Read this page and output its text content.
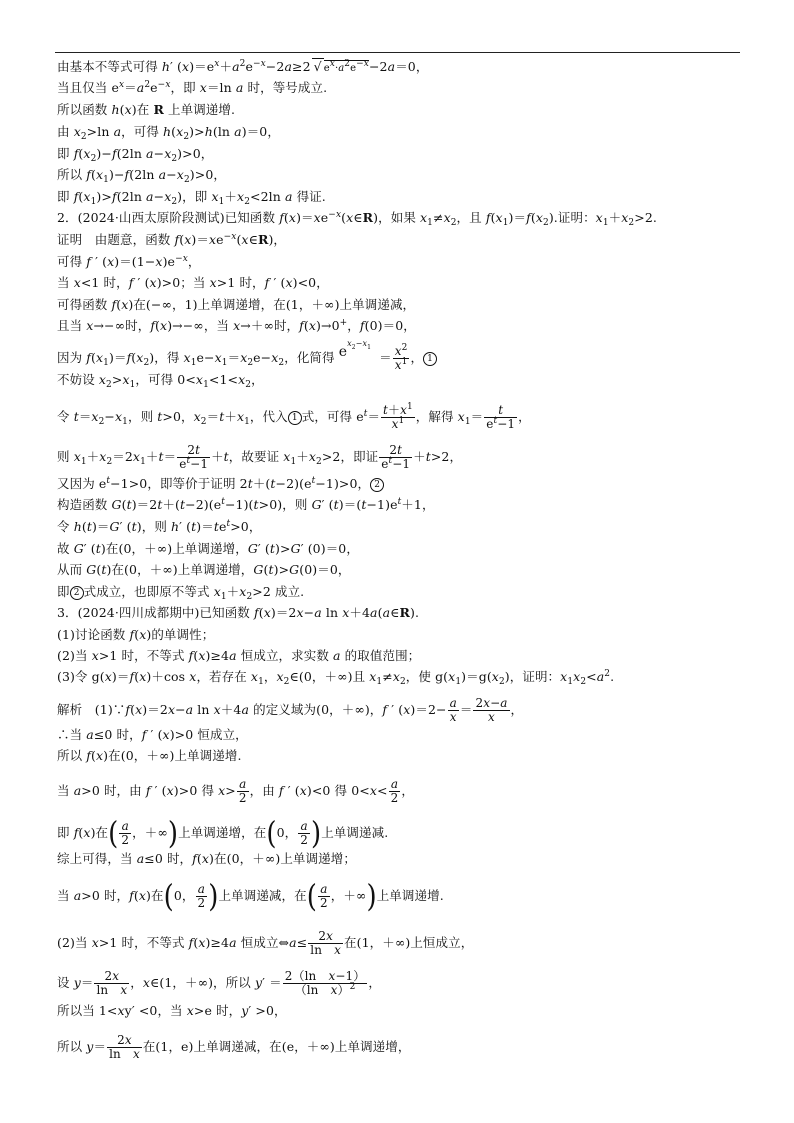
由基本不等式可得 h′ $(x)=e^x+a^2e^{-x}-2a\ge 2$ √ $e^x\cdot a^2e^{-x}-2a=0$，
当且仅当 $e^x=a^2e^{-x}$，即 x＝ln a 时，等号成立.
所以函数 h(x)在 R 上单调递增.
由 $x_2>\ln$ a，可得 $h(x_2)>h(\ln$ a)＝0，
即 $f(x_2)-f(2\ln$ $a-x_2)>0$，
所以 $f(x_1)-f(2\ln$ $a-x_2)>0$，
即 $f(x_1)>f(2\ln$ $a-x_2$)，即 $x_1+x_2<2\ln$ a 得证.
2．(2024·山西太原阶段测试)已知函数 $f(x)=xe^{-x}(x\in R)$，如果 $x_1\ne x_2$，且 $f(x_1)=f(x_2)$.证明：$x_1+x_2>2$.
证明　由题意，函数 $f(x)=xe^{-x}(x\in R)$，
可得 f ′ $(x)=(1-x)e^{-x}$，
当 x<1 时，f ′ (x)>0；当 x>1 时，f ′ (x)<0，
可得函数 f(x)在(−∞，1)上单调递增，在(1，＋∞)上单调递减，
且当 x→−∞时，f(x)→−∞，当 x→＋∞时，f(x)→0+，f(0)＝0，
因为 $f(x_1)=f(x_2)$，得 $x_1e-x_1=x_2e-x_2$，化简得 $e^{x_2-x_1} = \frac{x^2}{x^1}$ ， 1
不妨设 $x_2>x_1$，可得 $0<x_1<1<x_2$，
令 $t=x_2-x_1$，则 t>0，$x_2=t+x_1$，代入 1 式，可得 $e^t= \frac{t+x^1}{x^1}$ ，解得 $x_1= \frac{t}{e^t-1}$ ，
则 $x_1+x_2=2x_1+t= \frac{2t}{e^t-1} +t$，故要证 $x_1+x_2>2$，即证 $\frac{2t}{e^t-1} +t>2$，
又因为 $e^t-1>0$，即等价于证明 $2t+(t-2)(e^t-1)>0$， 2
构造函数 $G(t)=2t+(t-2)(e^t-1)(t>0)$，则 G′ $(t)=(t-1)e^t+1$，
令 h(t)＝G′ (t)，则 h′ $(t)=te^t>0$，
故 G′ (t)在(0，＋∞)上单调递增，G′ (t)>G′ (0)＝0，
从而 G(t)在(0，＋∞)上单调递增，G(t)>G(0)＝0，
即 2 式成立，也即原不等式 $x_1+x_2>2$ 成立.
3．(2024·四川成都期中)已知函数 f(x)＝2x−a ln x＋4a(a∈R).
(1)讨论函数 f(x)的单调性；
(2)当 x>1 时，不等式 f(x)≥4a 恒成立，求实数 a 的取值范围；
(3)令 g(x)＝f(x)＋cos x，若存在 $x_1$，$x_2\in(0$，＋∞)且 $x_1\ne x_2$，使 $g(x_1)=g(x_2)$，证明：$x_1x_2<a^2$.
解析　(1)∵f(x)＝2x−a ln x＋4a 的定义域为(0，＋∞)，f ′ $(x)=2- \frac{a}{x} = \frac{2x-a}{x}$ ，
∴当 a≤0 时，f ′ (x)>0 恒成立，
所以 f(x)在(0，＋∞)上单调递增.
当 a>0 时，由 f ′ (x)>0 得 $x> \frac{a}{2}$ ，由 f ′ (x)<0 得 $0<x< \frac{a}{2}$ ，
即 f(x)在( $\frac{a}{2}$ ，＋∞)上单调递增，在(0， $\frac{a}{2}$ )上单调递减.
综上可得，当 a≤0 时，f(x)在(0，＋∞)上单调递增；
当 a>0 时，f(x)在(0， $\frac{a}{2}$ )上单调递减，在( $\frac{a}{2}$ ，＋∞)上单调递增.
(2)当 x>1 时，不等式 f(x)≥4a 恒成立⇔a≤ $\frac{2x}{\text{ln　x}}$ 在(1，＋∞)上恒成立，
设 $y= \frac{2x}{\text{ln　x}}$ ，x∈(1，＋∞)，所以 $y' = \frac{\text{2（ln　x−1）}}{(\ln x)^2}$ ，
所以当 1<xy′ <0，当 x>e 时，y′ >0，
所以 $y= \frac{2x}{\text{ln　x}}$ 在(1，e)上单调递减，在(e，＋∞)上单调递增，
